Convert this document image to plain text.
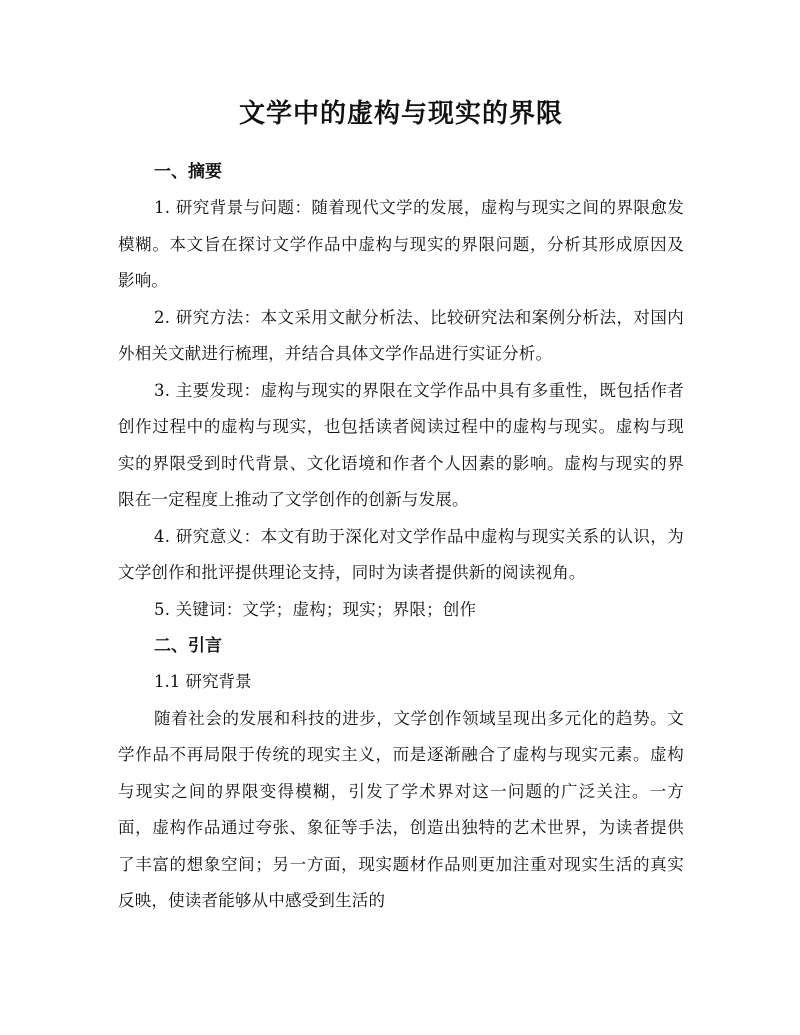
文学中的虚构与现实的界限
一、摘要

1. 研究背景与问题：随着现代文学的发展，虚构与现实之间的界限愈发模糊。本文旨在探讨文学作品中虚构与现实的界限问题，分析其形成原因及影响。

2. 研究方法：本文采用文献分析法、比较研究法和案例分析法，对国内外相关文献进行梳理，并结合具体文学作品进行实证分析。

3. 主要发现：虚构与现实的界限在文学作品中具有多重性，既包括作者创作过程中的虚构与现实，也包括读者阅读过程中的虚构与现实。虚构与现实的界限受到时代背景、文化语境和作者个人因素的影响。虚构与现实的界限在一定程度上推动了文学创作的创新与发展。

4. 研究意义：本文有助于深化对文学作品中虚构与现实关系的认识，为文学创作和批评提供理论支持，同时为读者提供新的阅读视角。

5. 关键词：文学；虚构；现实；界限；创作

二、引言

1.1 研究背景

随着社会的发展和科技的进步，文学创作领域呈现出多元化的趋势。文学作品不再局限于传统的现实主义，而是逐渐融合了虚构与现实元素。虚构与现实之间的界限变得模糊，引发了学术界对这一问题的广泛关注。一方面，虚构作品通过夸张、象征等手法，创造出独特的艺术世界，为读者提供了丰富的想象空间；另一方面，现实题材作品则更加注重对现实生活的真实反映，使读者能够从中感受到生活的
